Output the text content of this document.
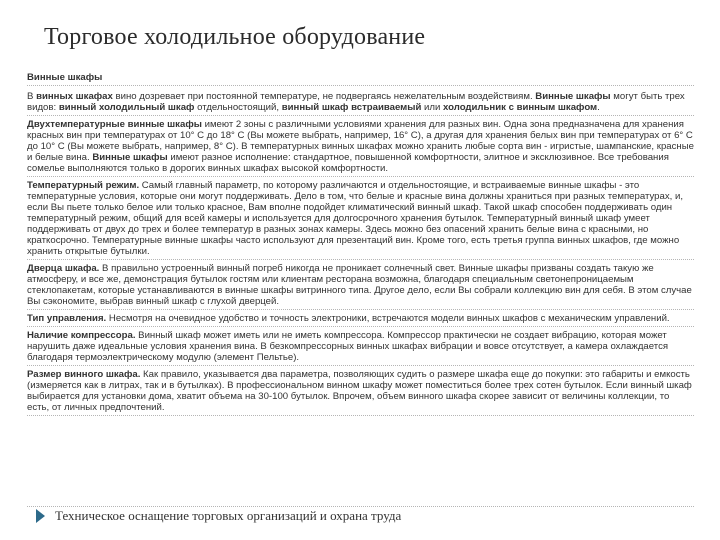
Торговое холодильное оборудование
Винные шкафы
В винных шкафах вино дозревает при постоянной температуре, не подвергаясь нежелательным воздействиям. Винные шкафы могут быть трех видов: винный холодильный шкаф отдельностоящий, винный шкаф встраиваемый или холодильник с винным шкафом.
Двухтемпературные винные шкафы имеют 2 зоны с различными условиями хранения для разных вин. Одна зона предназначена для хранения красных вин при температурах от 10° C до 18° C (Вы можете выбрать, например, 16° C), а другая для хранения белых вин при температурах от 6° C до 10° C (Вы можете выбрать, например, 8° C). В температурных винных шкафах можно хранить любые сорта вин - игристые, шампанские, красные и белые вина. Винные шкафы имеют разное исполнение: стандартное, повышенной комфортности, элитное и эксклюзивное. Все требования сомелье выполняются только в дорогих винных шкафах высокой комфортности.
Температурный режим. Самый главный параметр, по которому различаются и отдельностоящие, и встраиваемые винные шкафы - это температурные условия, которые они могут поддерживать. Дело в том, что белые и красные вина должны храниться при разных температурах, и, если Вы пьете только белое или только красное, Вам вполне подойдет климатический винный шкаф. Такой шкаф способен поддерживать один температурный режим, общий для всей камеры и используется для долгосрочного хранения бутылок. Температурный винный шкаф умеет поддерживать от двух до трех и более температур в разных зонах камеры. Здесь можно без опасений хранить белые вина с красными, но краткосрочно. Температурные винные шкафы часто используют для презентаций вин. Кроме того, есть третья группа винных шкафов, где можно хранить открытые бутылки.
Дверца шкафа. В правильно устроенный винный погреб никогда не проникает солнечный свет. Винные шкафы призваны создать такую же атмосферу, и все же, демонстрация бутылок гостям или клиентам ресторана возможна, благодаря специальным светонепроницаемым стеклопакетам, которые устанавливаются в винные шкафы витринного типа. Другое дело, если Вы собрали коллекцию вин для себя. В этом случае Вы сэкономите, выбрав винный шкаф с глухой дверцей.
Тип управления. Несмотря на очевидное удобство и точность электроники, встречаются модели винных шкафов с механическим управлений.
Наличие компрессора. Винный шкаф может иметь или не иметь компрессора. Компрессор практически не создает вибрацию, которая может нарушить даже идеальные условия хранения вина. В безкомпрессорных винных шкафах вибрации и вовсе отсутствует, а камера охлаждается благодаря термоэлектрическому модулю (элемент Пельтье).
Размер винного шкафа. Как правило, указывается два параметра, позволяющих судить о размере шкафа еще до покупки: это габариты и емкость (измеряется как в литрах, так и в бутылках). В профессиональном винном шкафу может поместиться более трех сотен бутылок. Если винный шкаф выбирается для установки дома, хватит объема на 30-100 бутылок. Впрочем, объем винного шкафа скорее зависит от величины коллекции, то есть, от личных предпочтений.
Техническое оснащение торговых организаций и охрана труда
